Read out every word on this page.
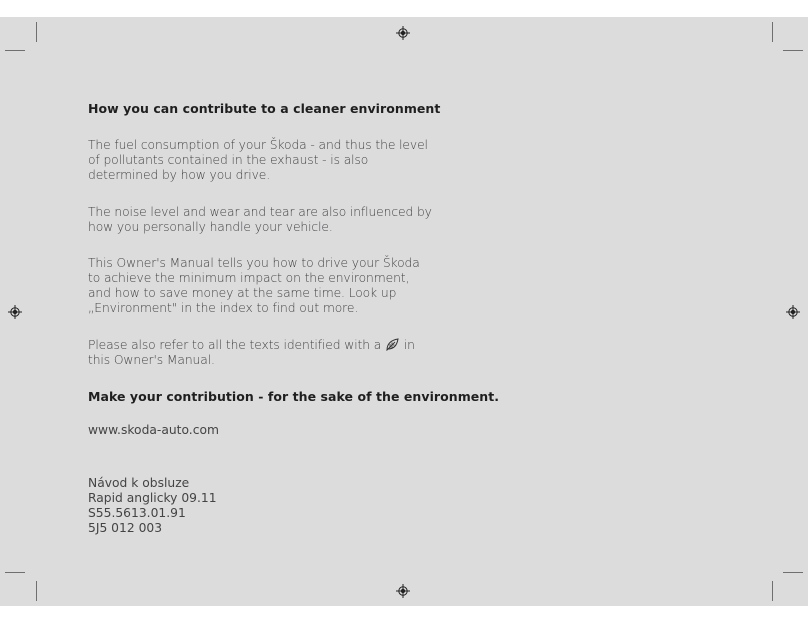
How you can contribute to a cleaner environment
The fuel consumption of your Škoda - and thus the level of pollutants contained in the exhaust - is also determined by how you drive.
The noise level and wear and tear are also influenced by how you personally handle your vehicle.
This Owner's Manual tells you how to drive your Škoda to achieve the minimum impact on the environment, and how to save money at the same time. Look up „Environment" in the index to find out more.
Please also refer to all the texts identified with a in this Owner's Manual.
Make your contribution - for the sake of the environment.
www.skoda-auto.com
Návod k obsluze
Rapid anglicky 09.11
S55.5613.01.91
5J5 012 003
